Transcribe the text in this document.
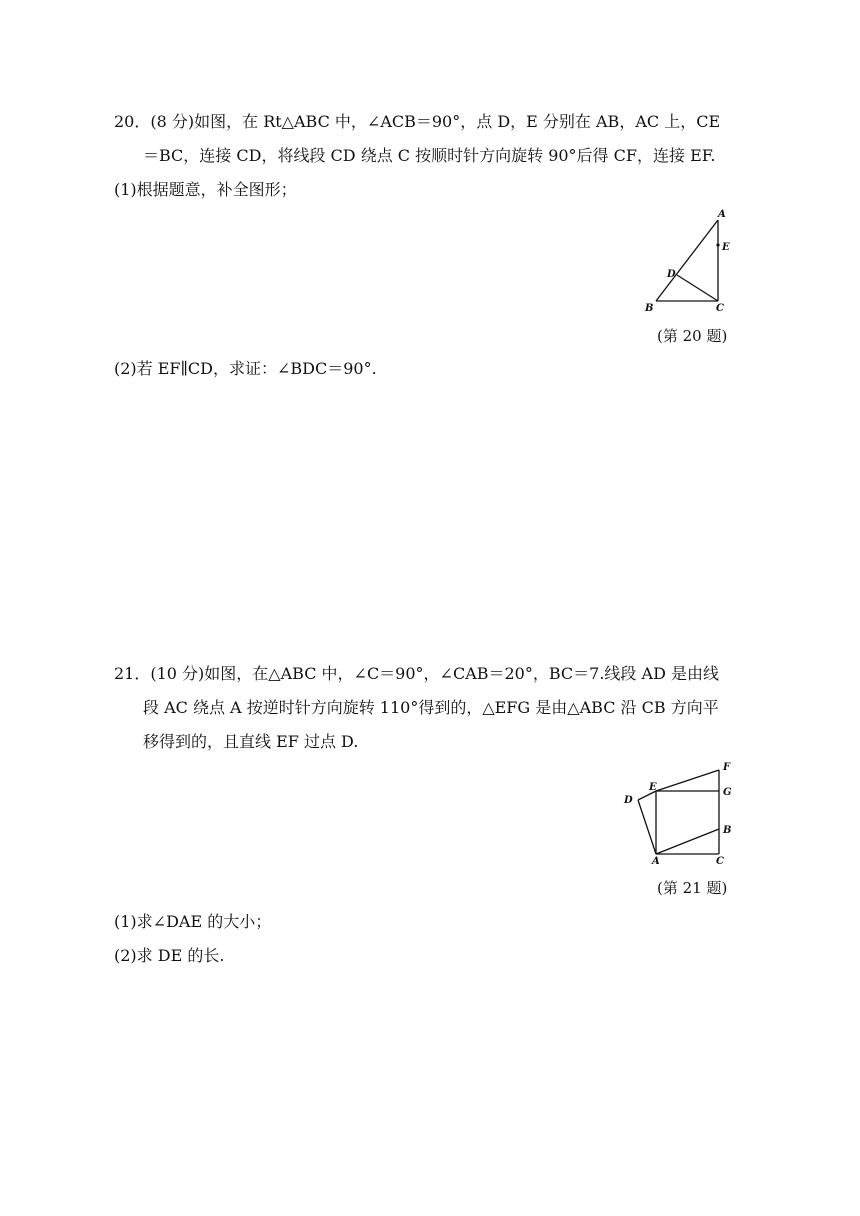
20．(8 分)如图，在 Rt△ABC 中，∠ACB＝90°，点 D，E 分别在 AB，AC 上，CE
＝BC，连接 CD，将线段 CD 绕点 C 按顺时针方向旋转 90°后得 CF，连接 EF.
(1)根据题意，补全图形；
A
E
D
B	C
(第 20 题)
(2)若 EF∥CD，求证：∠BDC＝90°.
21．(10 分)如图，在△ABC 中，∠C＝90°，∠CAB＝20°，BC＝7.线段 AD 是由线
段 AC 绕点 A 按逆时针方向旋转 110°得到的，△EFG 是由△ABC 沿 CB 方向平
移得到的，且直线 EF 过点 D.
F
E	G
D
B
A	C
(第 21 题)
(1)求∠DAE 的大小；
(2)求 DE 的长.
